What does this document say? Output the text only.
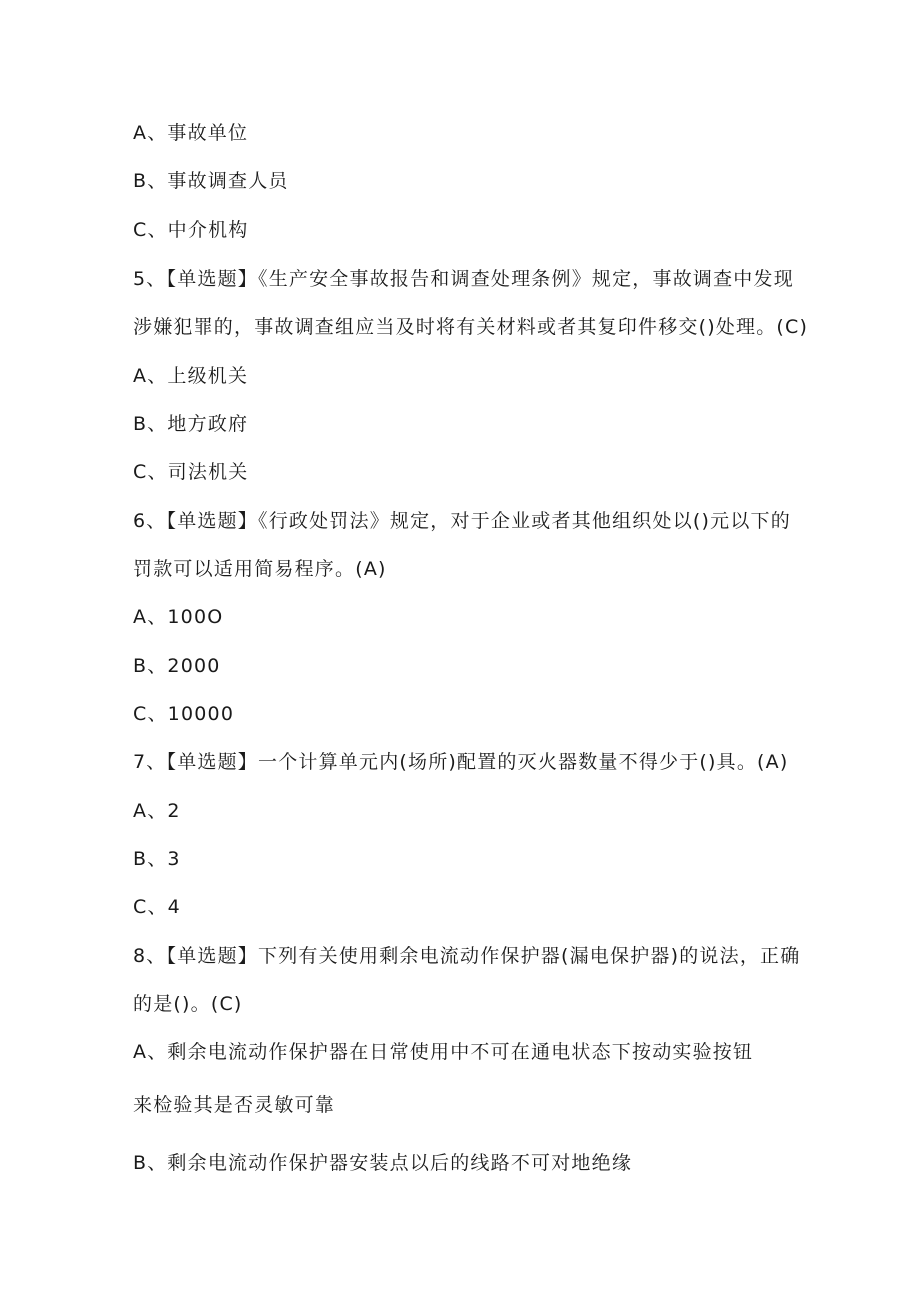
A、事故单位
B、事故调查人员
C、中介机构
5、【单选题】《生产安全事故报告和调查处理条例》规定，事故调查中发现
涉嫌犯罪的，事故调查组应当及时将有关材料或者其复印件移交()处理。(C)
A、上级机关
B、地方政府
C、司法机关
6、【单选题】《行政处罚法》规定，对于企业或者其他组织处以()元以下的
罚款可以适用简易程序。(A)
A、100O
B、2000
C、10000
7、【单选题】一个计算单元内(场所)配置的灭火器数量不得少于()具。(A)
A、2
B、3
C、4
8、【单选题】下列有关使用剩余电流动作保护器(漏电保护器)的说法，正确
的是()。(C)
A、剩余电流动作保护器在日常使用中不可在通电状态下按动实验按钮
来检验其是否灵敏可靠
B、剩余电流动作保护器安装点以后的线路不可对地绝缘
